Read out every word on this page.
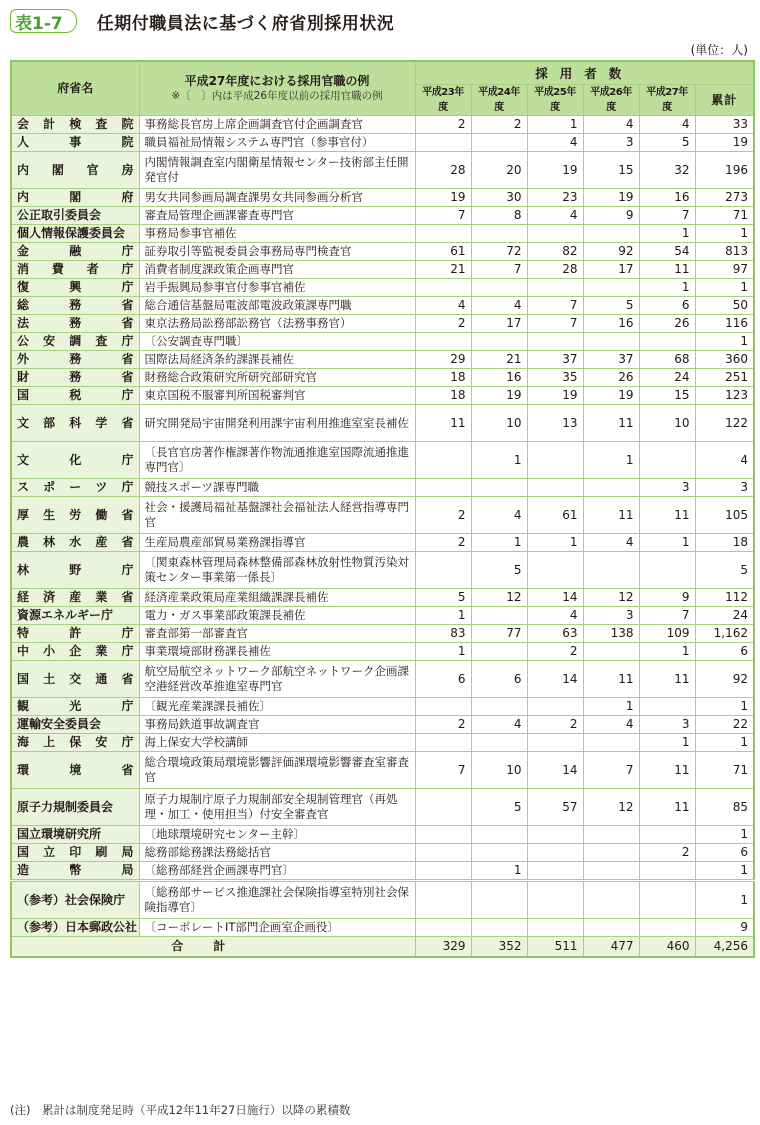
表1-7 任期付職員法に基づく府省別採用状況
(単位：人)
府省名	平成27年度における採用官職の例
※〔　〕内は平成26年度以前の採用官職の例	採用者数					
		平成23年度	平成24年度	平成25年度	平成26年度	平成27年度	累計

会 計 検 査 院	事務総長官房上席企画調査官付企画調査官	2	2	1	4	4	33

人 事 院	職員福祉局情報システム専門官（参事官付）			4	3	5	19

内 閣 官 房	内閣情報調査室内閣衛星情報センター技術部主任開発官付	28	20	19	15	32	196

内 閣 府	男女共同参画局調査課男女共同参画分析官	19	30	23	19	16	273

公正取引委員会	審査局管理企画課審査専門官	7	8	4	9	7	71

個人情報保護委員会	事務局参事官補佐					1	1

金 融 庁	証券取引等監視委員会事務局専門検査官	61	72	82	92	54	813

消 費 者 庁	消費者制度課政策企画専門官	21	7	28	17	11	97

復 興 庁	岩手振興局参事官付参事官補佐					1	1

総 務 省	総合通信基盤局電波部電波政策課専門職	4	4	7	5	6	50

法 務 省	東京法務局訟務部訟務官（法務事務官）	2	17	7	16	26	116

公 安 調 査 庁	〔公安調査専門職〕						1

外 務 省	国際法局経済条約課課長補佐	29	21	37	37	68	360

財 務 省	財務総合政策研究所研究部研究官	18	16	35	26	24	251

国 税 庁	東京国税不服審判所国税審判官	18	19	19	19	15	123

文 部 科 学 省	研究開発局宇宙開発利用課宇宙利用推進室室長補佐	11	10	13	11	10	122

文 化 庁	〔長官官房著作権課著作物流通推進室国際流通推進専門官〕		1		1		4

ス ポ ー ツ 庁	競技スポーツ課専門職					3	3

厚 生 労 働 省	社会・援護局福祉基盤課社会福祉法人経営指導専門官	2	4	61	11	11	105

農 林 水 産 省	生産局農産部貿易業務課指導官	2	1	1	4	1	18

林 野 庁	〔関東森林管理局森林整備部森林放射性物質汚染対策センター事業第一係長〕		5				5

経 済 産 業 省	経済産業政策局産業組織課課長補佐	5	12	14	12	9	112

資源エネルギー庁	電力・ガス事業部政策課長補佐	1		4	3	7	24

特 許 庁	審査部第一部審査官	83	77	63	138	109	1,162

中 小 企 業 庁	事業環境部財務課長補佐	1		2		1	6

国 土 交 通 省	航空局航空ネットワーク部航空ネットワーク企画課空港経営改革推進室専門官	6	6	14	11	11	92

観 光 庁	〔観光産業課課長補佐〕				1		1

運輸安全委員会	事務局鉄道事故調査官	2	4	2	4	3	22

海 上 保 安 庁	海上保安大学校講師					1	1

環 境 省	総合環境政策局環境影響評価課環境影響審査室審査官	7	10	14	7	11	71

原子力規制委員会	原子力規制庁原子力規制部安全規制管理官（再処理・加工・使用担当）付安全審査官		5	57	12	11	85

国立環境研究所	〔地球環境研究センター主幹〕						1

国 立 印 刷 局	総務部総務課法務総括官					2	6

造 幣 局	〔総務部経営企画課専門官〕		1				1

（参考）社会保険庁	〔総務部サービス推進課社会保険指導室特別社会保険指導官〕						1

（参考）日本郵政公社	〔コーポレートIT部門企画室企画役〕						9
合計		329	352	511	477	460	4,256
(注)　累計は制度発足時（平成12年11年27日施行）以降の累積数
